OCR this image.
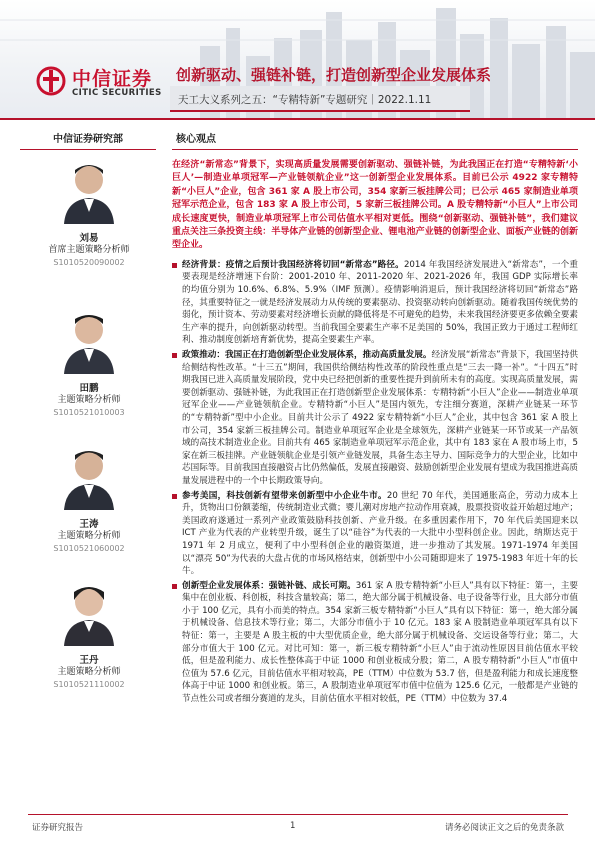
中信证券
CITIC SECURITIES
创新驱动、强链补链，打造创新型企业发展体系
天工大义系列之五：“专精特新”专题研究｜2022.1.11
中信证券研究部
刘易
首席主题策略分析师
S1010520090002
田鹏
主题策略分析师
S1010521010003
王涛
主题策略分析师
S1010521060002
王丹
主题策略分析师
S1010521110002
核心观点
在经济“新常态”背景下，实现高质量发展需要创新驱动、强链补链，为此我国正在打造“专精特新‘小巨人’—制造业单项冠军—产业链领航企业”这一创新型企业发展体系。目前已公示 4922 家专精特新“小巨人”企业，包含 361 家 A 股上市公司，354 家新三板挂牌公司；已公示 465 家制造业单项冠军示范企业，包含 183 家 A 股上市公司，5 家新三板挂牌公司。A 股专精特新“小巨人”上市公司成长速度更快，制造业单项冠军上市公司估值水平相对更低。围绕“创新驱动、强链补链”，我们建议重点关注三条投资主线：半导体产业链的创新型企业、锂电池产业链的创新型企业、面板产业链的创新型企业。
经济背景：疫情之后预计我国经济将切回“新常态”路径。2014 年我国经济发展进入“新常态”，一个重要表现是经济增速下台阶：2001-2010 年、2011-2020 年、2021-2026 年，我国 GDP 实际增长率的均值分别为 10.6%、6.8%、5.9%（IMF 预测）。疫情影响消退后，预计我国经济将切回“新常态”路径，其重要特征之一就是经济发展动力从传统的要素驱动、投资驱动转向创新驱动。随着我国传统优势的弱化，预计资本、劳动要素对经济增长贡献的降低将是不可避免的趋势，未来我国经济要更多依赖全要素生产率的提升，向创新驱动转型。当前我国全要素生产率不足美国的 50%，我国正致力于通过工程师红利、推动制度创新培育新优势，提高全要素生产率。
政策推动：我国正在打造创新型企业发展体系，推动高质量发展。经济发展“新常态”背景下，我国坚持供给侧结构性改革。“十三五”期间，我国供给侧结构性改革的阶段性重点是“三去一降一补”。“十四五”时期我国已进入高质量发展阶段，党中央已经把创新的重要性提升到前所未有的高度。实现高质量发展，需要创新驱动、强链补链，为此我国正在打造创新型企业发展体系：专精特新“小巨人”企业——制造业单项冠军企业——产业链领航企业。专精特新“小巨人”是国内领先，专注细分赛道，深耕产业链某一环节的“专精特新”型中小企业。目前共计公示了 4922 家专精特新“小巨人”企业，其中包含 361 家 A 股上市公司，354 家新三板挂牌公司。制造业单项冠军企业是全球领先，深耕产业链某一环节或某一产品领域的高技术制造业企业。目前共有 465 家制造业单项冠军示范企业，其中有 183 家在 A 股市场上市，5 家在新三板挂牌。产业链领航企业是引领产业链发展，具备生态主导力、国际竞争力的大型企业，比如中芯国际等。目前我国直接融资占比仍然偏低，发展直接融资、鼓励创新型企业发展有望成为我国推进高质量发展进程中的一个中长期政策导向。
参考美国，科技创新有望带来创新型中小企业牛市。20 世纪 70 年代，美国通胀高企，劳动力成本上升，货物出口份额萎缩，传统制造业式微；婴儿潮对房地产拉动作用衰减，股票投资收益开始超过地产；美国政府遂通过一系列产业政策鼓励科技创新、产业升级。在多重因素作用下，70 年代后美国迎来以 ICT 产业为代表的产业转型升级，诞生了以“硅谷”为代表的一大批中小型科创企业。因此，纳斯达克于 1971 年 2 月成立，便利了中小型科创企业的融资渠道，进一步推动了其发展。1971-1974 年美国以“漂亮 50”为代表的大盘占优的市场风格结束，创新型中小公司随即迎来了 1975-1983 年近十年的长牛。
创新型企业发展体系：强链补链、成长可期。361 家 A 股专精特新“小巨人”具有以下特征：第一，主要集中在创业板、科创板，科技含量较高；第二，绝大部分属于机械设备、电子设备等行业，且大部分市值小于 100 亿元，具有小而美的特点。354 家新三板专精特新“小巨人”具有以下特征：第一，绝大部分属于机械设备、信息技术等行业；第二，大部分市值小于 10 亿元。183 家 A 股制造业单项冠军具有以下特征：第一，主要是 A 股主板的中大型优质企业，绝大部分属于机械设备、交运设备等行业；第二，大部分市值大于 100 亿元。对比可知：第一，新三板专精特新“小巨人”由于流动性原因目前估值水平较低，但是盈利能力、成长性整体高于中证 1000 和创业板成分股；第二，A 股专精特新“小巨人”市值中位值为 57.6 亿元，目前估值水平相对较高，PE（TTM）中位数为 53.7 倍，但是盈利能力和成长速度整体高于中证 1000 和创业板。第三，A 股制造业单项冠军市值中位值为 125.6 亿元，一般都是产业链的节点性公司或者细分赛道的龙头，目前估值水平相对较低，PE（TTM）中位数为 37.4
证券研究报告	1	请务必阅读正文之后的免责条款
